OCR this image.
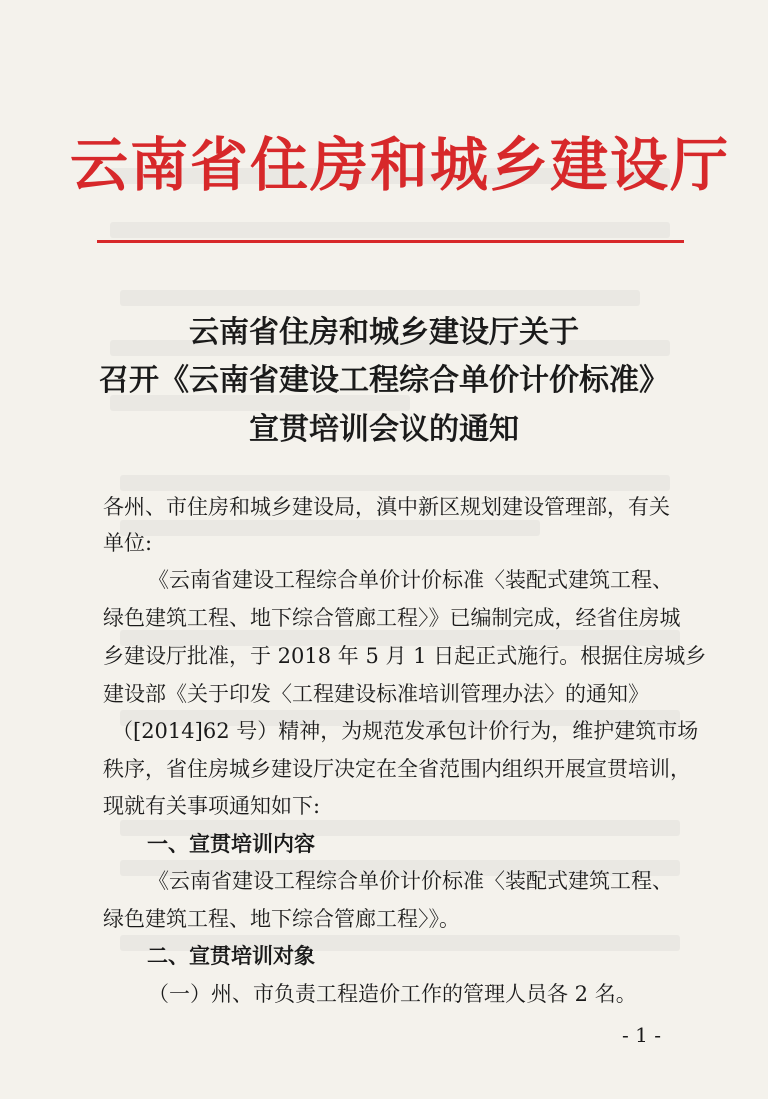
云南省住房和城乡建设厅
云南省住房和城乡建设厅关于
召开《云南省建设工程综合单价计价标准》
宣贯培训会议的通知
各州、市住房和城乡建设局，滇中新区规划建设管理部，有关
单位:
《云南省建设工程综合单价计价标准〈装配式建筑工程、
绿色建筑工程、地下综合管廊工程〉》已编制完成，经省住房城
乡建设厅批准，于 2018 年 5 月 1 日起正式施行。根据住房城乡
建设部《关于印发〈工程建设标准培训管理办法〉的通知》
（[2014]62 号）精神，为规范发承包计价行为，维护建筑市场
秩序，省住房城乡建设厅决定在全省范围内组织开展宣贯培训，
现就有关事项通知如下:
一、宣贯培训内容
《云南省建设工程综合单价计价标准〈装配式建筑工程、
绿色建筑工程、地下综合管廊工程〉》。
二、宣贯培训对象
（一）州、市负责工程造价工作的管理人员各 2 名。
- 1 -
